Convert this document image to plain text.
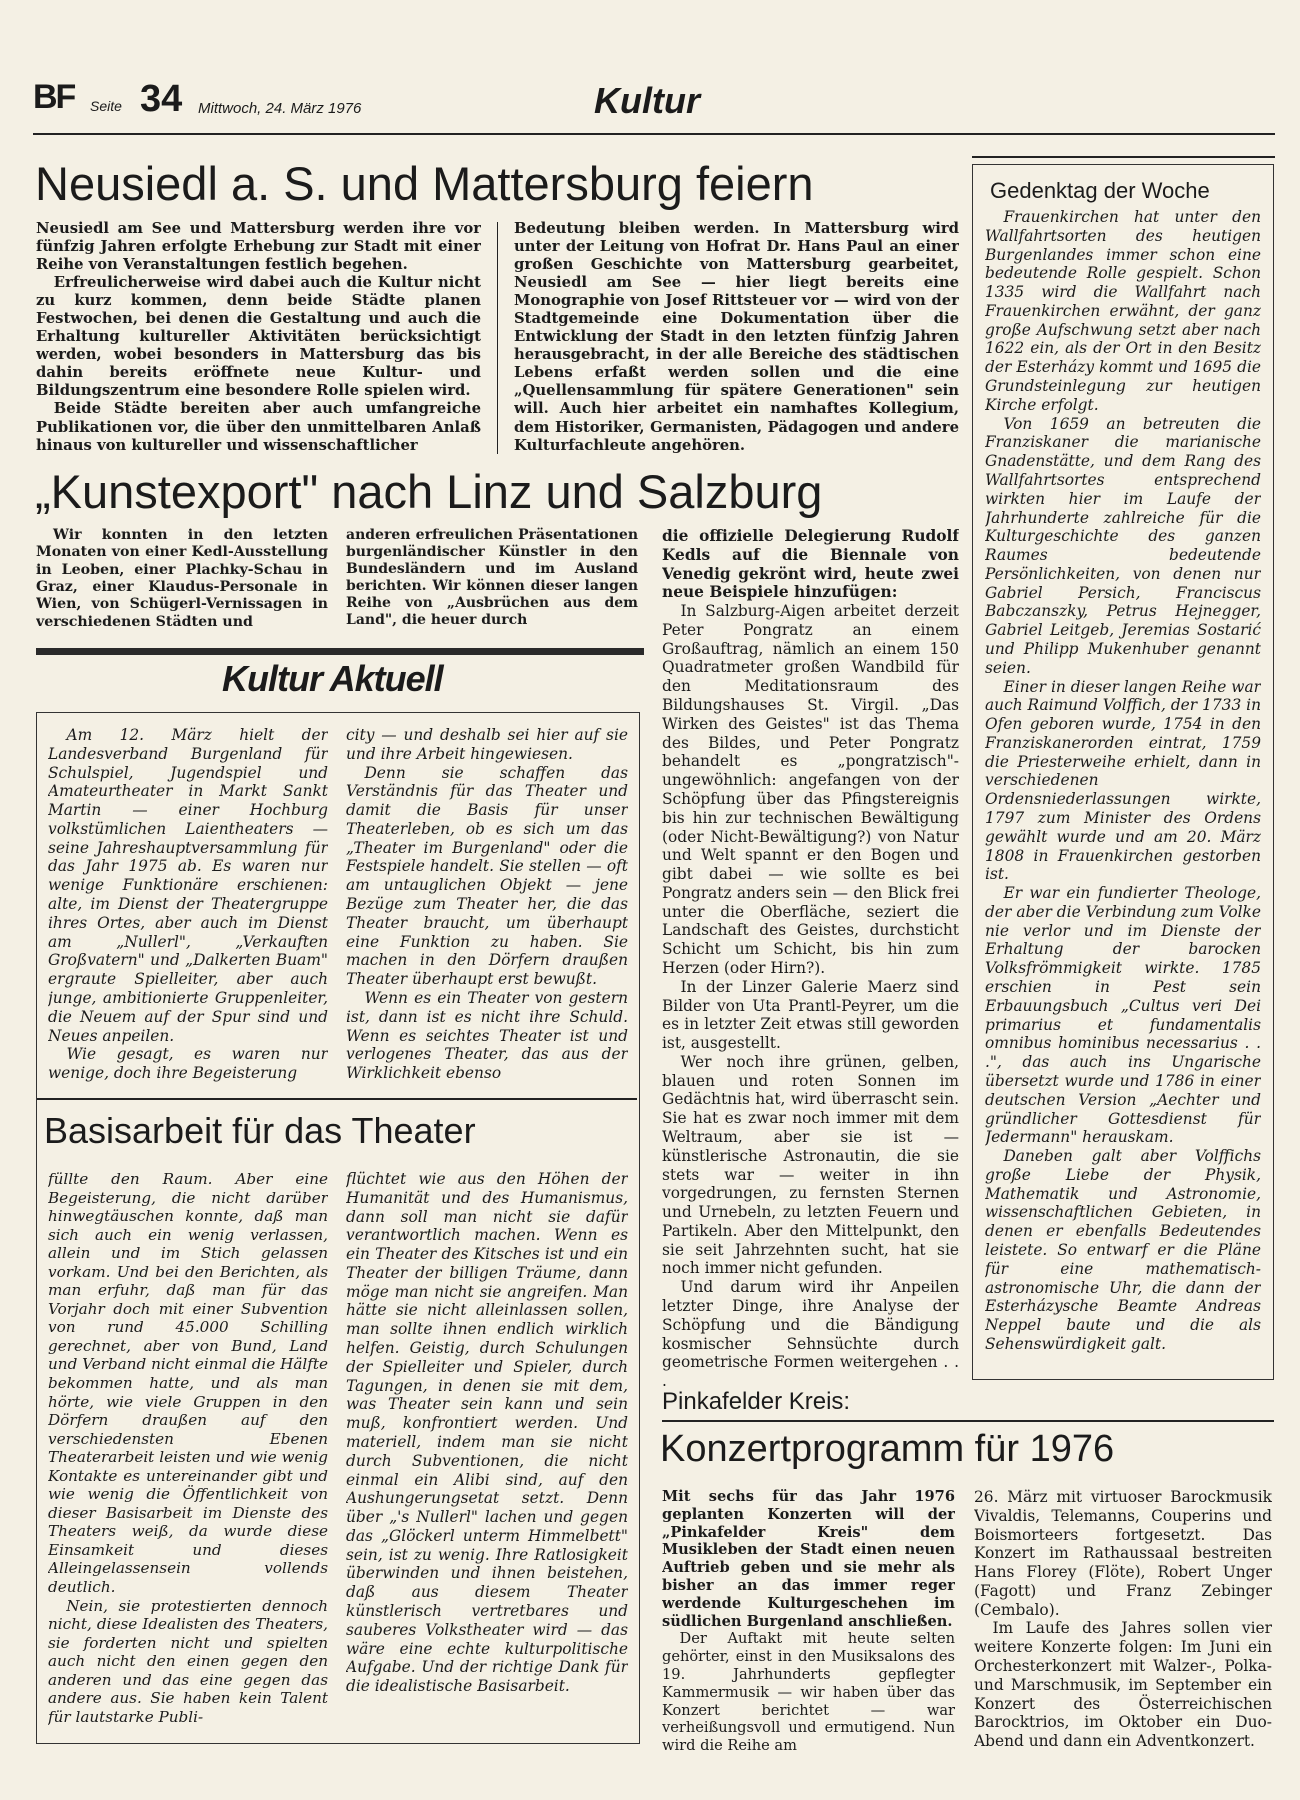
BF Seite 34 Mittwoch, 24. März 1976	Kultur
Neusiedl a. S. und Mattersburg feiern

Neusiedl am See und Mattersburg werden ihre vor fünfzig Jahren erfolgte Erhebung zur Stadt mit einer Reihe von Veranstaltungen festlich begehen.

Erfreulicherweise wird dabei auch die Kultur nicht zu kurz kommen, denn beide Städte planen Festwochen, bei denen die Gestaltung und auch die Erhaltung kultureller Aktivitäten berücksichtigt werden, wobei besonders in Mattersburg das bis dahin bereits eröffnete neue Kultur- und Bildungszentrum eine besondere Rolle spielen wird.

Beide Städte bereiten aber auch umfangreiche Publikationen vor, die über den unmittelbaren Anlaß hinaus von kultureller und wissenschaftlicher

Bedeutung bleiben werden. In Mattersburg wird unter der Leitung von Hofrat Dr. Hans Paul an einer großen Geschichte von Mattersburg gearbeitet, Neusiedl am See — hier liegt bereits eine Monographie von Josef Rittsteuer vor — wird von der Stadtgemeinde eine Dokumentation über die Entwicklung der Stadt in den letzten fünfzig Jahren herausgebracht, in der alle Bereiche des städtischen Lebens erfaßt werden sollen und die eine „Quellensammlung für spätere Generationen" sein will. Auch hier arbeitet ein namhaftes Kollegium, dem Historiker, Germanisten, Pädagogen und andere Kulturfachleute angehören.

„Kunstexport" nach Linz und Salzburg

Wir konnten in den letzten Monaten von einer Kedl-Ausstellung in Leoben, einer Plachky-Schau in Graz, einer Klaudus-Personale in Wien, von Schügerl-Vernissagen in verschiedenen Städten und

anderen erfreulichen Präsentationen burgenländischer Künstler in den Bundesländern und im Ausland berichten. Wir können dieser langen Reihe von „Ausbrüchen aus dem Land", die heuer durch

die offizielle Delegierung Rudolf Kedls auf die Biennale von Venedig gekrönt wird, heute zwei neue Beispiele hinzufügen:

In Salzburg-Aigen arbeitet derzeit Peter Pongratz an einem Großauftrag, nämlich an einem 150 Quadratmeter großen Wandbild für den Meditationsraum des Bildungshauses St. Virgil. „Das Wirken des Geistes" ist das Thema des Bildes, und Peter Pongratz behandelt es „pongratzisch"-ungewöhnlich: angefangen von der Schöpfung über das Pfingstereignis bis hin zur technischen Bewältigung (oder Nicht-Bewältigung?) von Natur und Welt spannt er den Bogen und gibt dabei — wie sollte es bei Pongratz anders sein — den Blick frei unter die Oberfläche, seziert die Landschaft des Geistes, durchsticht Schicht um Schicht, bis hin zum Herzen (oder Hirn?).

In der Linzer Galerie Maerz sind Bilder von Uta Prantl-Peyrer, um die es in letzter Zeit etwas still geworden ist, ausgestellt.

Wer noch ihre grünen, gelben, blauen und roten Sonnen im Gedächtnis hat, wird überrascht sein. Sie hat es zwar noch immer mit dem Weltraum, aber sie ist — künstlerische Astronautin, die sie stets war — weiter in ihn vorgedrungen, zu fernsten Sternen und Urnebeln, zu letzten Feuern und Partikeln. Aber den Mittelpunkt, den sie seit Jahrzehnten sucht, hat sie noch immer nicht gefunden.

Und darum wird ihr Anpeilen letzter Dinge, ihre Analyse der Schöpfung und die Bändigung kosmischer Sehnsüchte durch geometrische Formen weitergehen . . .

Kultur Aktuell

Am 12. März hielt der Landesverband Burgenland für Schulspiel, Jugendspiel und Amateurtheater in Markt Sankt Martin — einer Hochburg volkstümlichen Laientheaters — seine Jahreshauptversammlung für das Jahr 1975 ab. Es waren nur wenige Funktionäre erschienen: alte, im Dienst der Theatergruppe ihres Ortes, aber auch im Dienst am „Nullerl", „Verkauften Großvatern" und „Dalkerten Buam" ergraute Spielleiter, aber auch junge, ambitionierte Gruppenleiter, die Neuem auf der Spur sind und Neues anpeilen.

Wie gesagt, es waren nur wenige, doch ihre Begeisterung

city — und deshalb sei hier auf sie und ihre Arbeit hingewiesen.

Denn sie schaffen das Verständnis für das Theater und damit die Basis für unser Theaterleben, ob es sich um das „Theater im Burgenland" oder die Festspiele handelt. Sie stellen — oft am untauglichen Objekt — jene Bezüge zum Theater her, die das Theater braucht, um überhaupt eine Funktion zu haben. Sie machen in den Dörfern draußen Theater überhaupt erst bewußt.

Wenn es ein Theater von gestern ist, dann ist es nicht ihre Schuld. Wenn es seichtes Theater ist und verlogenes Theater, das aus der Wirklichkeit ebenso

Basisarbeit für das Theater

füllte den Raum. Aber eine Begeisterung, die nicht darüber hinwegtäuschen konnte, daß man sich auch ein wenig verlassen, allein und im Stich gelassen vorkam. Und bei den Berichten, als man erfuhr, daß man für das Vorjahr doch mit einer Subvention von rund 45.000 Schilling gerechnet, aber von Bund, Land und Verband nicht einmal die Hälfte bekommen hatte, und als man hörte, wie viele Gruppen in den Dörfern draußen auf den verschiedensten Ebenen Theaterarbeit leisten und wie wenig Kontakte es untereinander gibt und wie wenig die Öffentlichkeit von dieser Basisarbeit im Dienste des Theaters weiß, da wurde diese Einsamkeit und dieses Alleingelassensein vollends deutlich.

Nein, sie protestierten dennoch nicht, diese Idealisten des Theaters, sie forderten nicht und spielten auch nicht den einen gegen den anderen und das eine gegen das andere aus. Sie haben kein Talent für lautstarke Publi-

flüchtet wie aus den Höhen der Humanität und des Humanismus, dann soll man nicht sie dafür verantwortlich machen. Wenn es ein Theater des Kitsches ist und ein Theater der billigen Träume, dann möge man nicht sie angreifen. Man hätte sie nicht alleinlassen sollen, man sollte ihnen endlich wirklich helfen. Geistig, durch Schulungen der Spielleiter und Spieler, durch Tagungen, in denen sie mit dem, was Theater sein kann und sein muß, konfrontiert werden. Und materiell, indem man sie nicht durch Subventionen, die nicht einmal ein Alibi sind, auf den Aushungerungsetat setzt. Denn über „'s Nullerl" lachen und gegen das „Glöckerl unterm Himmelbett" sein, ist zu wenig. Ihre Ratlosigkeit überwinden und ihnen beistehen, daß aus diesem Theater künstlerisch vertretbares und sauberes Volkstheater wird — das wäre eine echte kulturpolitische Aufgabe. Und der richtige Dank für die idealistische Basisarbeit.

Gedenktag der Woche

Frauenkirchen hat unter den Wallfahrtsorten des heutigen Burgenlandes immer schon eine bedeutende Rolle gespielt. Schon 1335 wird die Wallfahrt nach Frauenkirchen erwähnt, der ganz große Aufschwung setzt aber nach 1622 ein, als der Ort in den Besitz der Esterházy kommt und 1695 die Grundsteinlegung zur heutigen Kirche erfolgt.

Von 1659 an betreuten die Franziskaner die marianische Gnadenstätte, und dem Rang des Wallfahrtsortes entsprechend wirkten hier im Laufe der Jahrhunderte zahlreiche für die Kulturgeschichte des ganzen Raumes bedeutende Persönlichkeiten, von denen nur Gabriel Persich, Franciscus Babczanszky, Petrus Hejnegger, Gabriel Leitgeb, Jeremias Sostarić und Philipp Mukenhuber genannt seien.

Einer in dieser langen Reihe war auch Raimund Volffich, der 1733 in Ofen geboren wurde, 1754 in den Franziskanerorden eintrat, 1759 die Priesterweihe erhielt, dann in verschiedenen Ordensniederlassungen wirkte, 1797 zum Minister des Ordens gewählt wurde und am 20. März 1808 in Frauenkirchen gestorben ist.

Er war ein fundierter Theologe, der aber die Verbindung zum Volke nie verlor und im Dienste der Erhaltung der barocken Volksfrömmigkeit wirkte. 1785 erschien in Pest sein Erbauungsbuch „Cultus veri Dei primarius et fundamentalis omnibus hominibus necessarius . . .", das auch ins Ungarische übersetzt wurde und 1786 in einer deutschen Version „Aechter und gründlicher Gottesdienst für Jedermann" herauskam.

Daneben galt aber Volffichs große Liebe der Physik, Mathematik und Astronomie, wissenschaftlichen Gebieten, in denen er ebenfalls Bedeutendes leistete. So entwarf er die Pläne für eine mathematisch-astronomische Uhr, die dann der Esterházysche Beamte Andreas Neppel baute und die als Sehenswürdigkeit galt.

Pinkafelder Kreis:
Konzertprogramm für 1976

Mit sechs für das Jahr 1976 geplanten Konzerten will der „Pinkafelder Kreis" dem Musikleben der Stadt einen neuen Auftrieb geben und sie mehr als bisher an das immer reger werdende Kulturgeschehen im südlichen Burgenland anschließen.

Der Auftakt mit heute selten gehörter, einst in den Musiksalons des 19. Jahrhunderts gepflegter Kammermusik — wir haben über das Konzert berichtet — war verheißungsvoll und ermutigend. Nun wird die Reihe am

26. März mit virtuoser Barockmusik Vivaldis, Telemanns, Couperins und Boismorteers fortgesetzt. Das Konzert im Rathaussaal bestreiten Hans Florey (Flöte), Robert Unger (Fagott) und Franz Zebinger (Cembalo).

Im Laufe des Jahres sollen vier weitere Konzerte folgen: Im Juni ein Orchesterkonzert mit Walzer-, Polka- und Marschmusik, im September ein Konzert des Österreichischen Barocktrios, im Oktober ein Duo-Abend und dann ein Adventkonzert.
